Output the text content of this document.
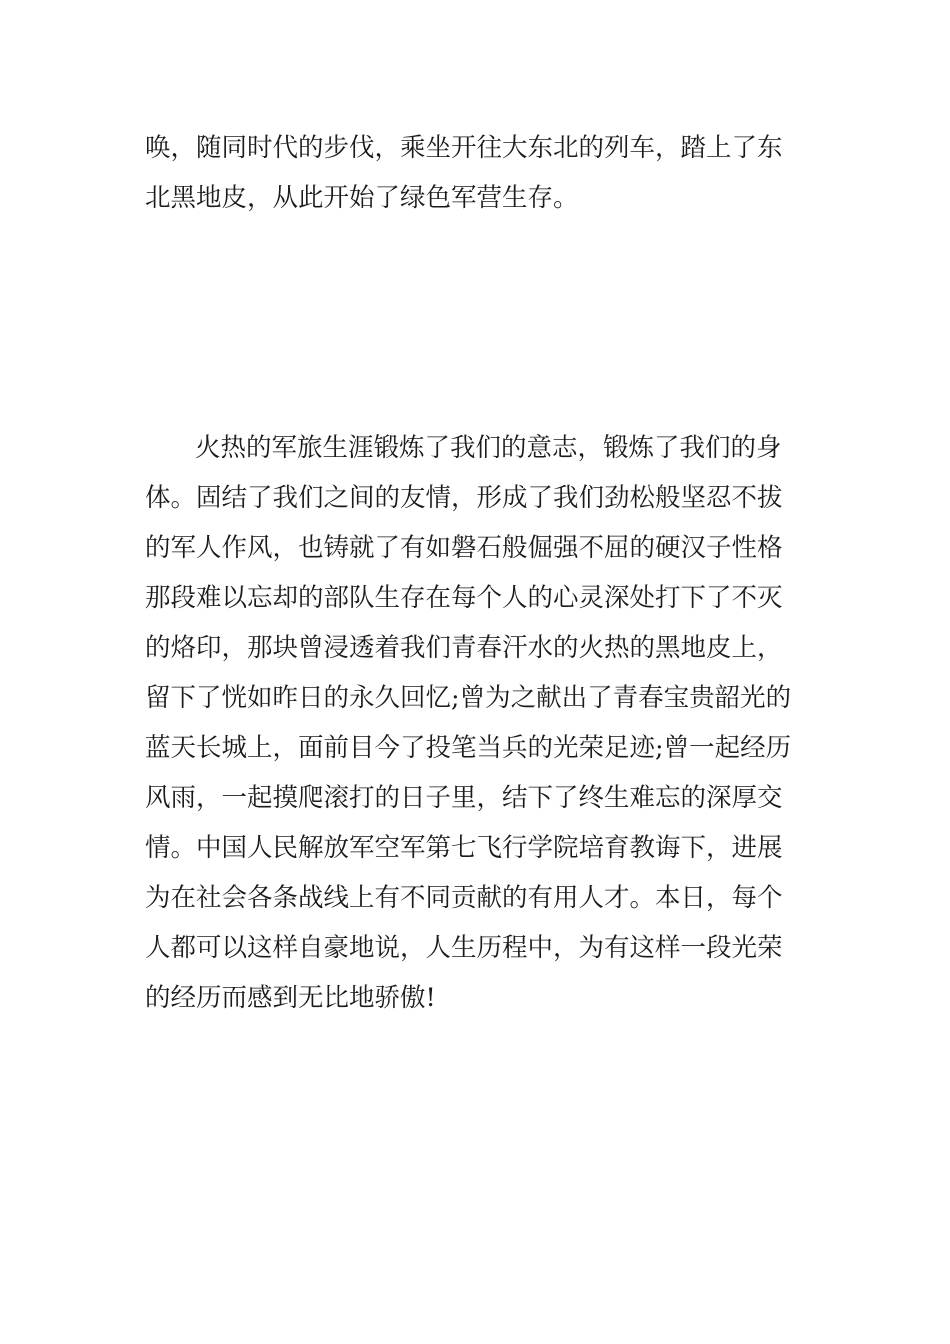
唤，随同时代的步伐，乘坐开往大东北的列车，踏上了东
北黑地皮，从此开始了绿色军营生存。
火热的军旅生涯锻炼了我们的意志，锻炼了我们的身
体。固结了我们之间的友情，形成了我们劲松般坚忍不拔
的军人作风，也铸就了有如磐石般倔强不屈的硬汉子性格
那段难以忘却的部队生存在每个人的心灵深处打下了不灭
的烙印，那块曾浸透着我们青春汗水的火热的黑地皮上，
留下了恍如昨日的永久回忆;曾为之献出了青春宝贵韶光的
蓝天长城上，面前目今了投笔当兵的光荣足迹;曾一起经历
风雨，一起摸爬滚打的日子里，结下了终生难忘的深厚交
情。中国人民解放军空军第七飞行学院培育教诲下，进展
为在社会各条战线上有不同贡献的有用人才。本日，每个
人都可以这样自豪地说，人生历程中，为有这样一段光荣
的经历而感到无比地骄傲!
